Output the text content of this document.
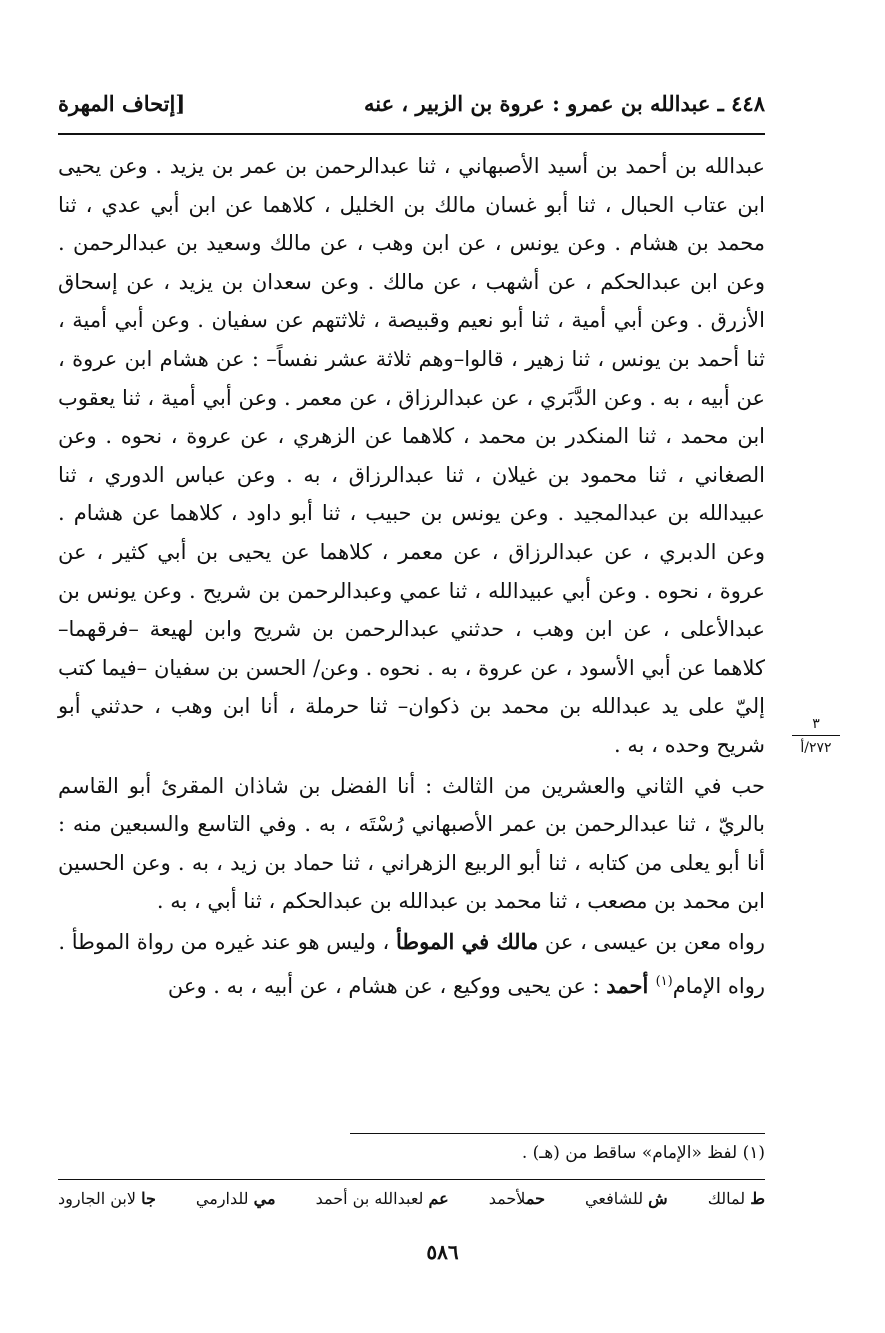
٤٤٨ ـ عبدالله بن عمرو : عروة بن الزبير ، عنه
[إتحاف المهرة

عبدالله بن أحمد بن أسيد الأصبهاني ، ثنا عبدالرحمن بن عمر بن يزيد . وعن يحيى ابن عتاب الحبال ، ثنا أبو غسان مالك بن الخليل ، كلاهما عن ابن أبي عدي ، ثنا محمد بن هشام . وعن يونس ، عن ابن وهب ، عن مالك وسعيد بن عبدالرحمن . وعن ابن عبدالحكم ، عن أشهب ، عن مالك . وعن سعدان بن يزيد ، عن إسحاق الأزرق . وعن أبي أمية ، ثنا أبو نعيم وقبيصة ، ثلاثتهم عن سفيان . وعن أبي أمية ، ثنا أحمد بن يونس ، ثنا زهير ، قالوا–وهم ثلاثة عشر نفساً– : عن هشام ابن عروة ، عن أبيه ، به . وعن الدَّبَري ، عن عبدالرزاق ، عن معمر . وعن أبي أمية ، ثنا يعقوب ابن محمد ، ثنا المنكدر بن محمد ، كلاهما عن الزهري ، عن عروة ، نحوه . وعن الصغاني ، ثنا محمود بن غيلان ، ثنا عبدالرزاق ، به . وعن عباس الدوري ، ثنا عبيدالله بن عبدالمجيد . وعن يونس بن حبيب ، ثنا أبو داود ، كلاهما عن هشام . وعن الدبري ، عن عبدالرزاق ، عن معمر ، كلاهما عن يحيى بن أبي كثير ، عن عروة ، نحوه . وعن أبي عبيدالله ، ثنا عمي وعبدالرحمن بن شريح . وعن يونس بن عبدالأعلى ، عن ابن وهب ، حدثني عبدالرحمن بن شريح وابن لهيعة –فرقهما– كلاهما عن أبي الأسود ، عن عروة ، به . نحوه . وعن/ الحسن بن سفيان –فيما كتب إليّ على يد عبدالله بن محمد بن ذكوان– ثنا حرملة ، أنا ابن وهب ، حدثني أبو شريح وحده ، به .

حب في الثاني والعشرين من الثالث : أنا الفضل بن شاذان المقرئ أبو القاسم بالريّ ، ثنا عبدالرحمن بن عمر الأصبهاني رُسْتَه ، به . وفي التاسع والسبعين منه : أنا أبو يعلى من كتابه ، ثنا أبو الربيع الزهراني ، ثنا حماد بن زيد ، به . وعن الحسين ابن محمد بن مصعب ، ثنا محمد بن عبدالله بن عبدالحكم ، ثنا أبي ، به .

رواه معن بن عيسى ، عن مالك في الموطأ ، وليس هو عند غيره من رواة الموطأ .

رواه الإمام$^{(١)}$ أحمد : عن يحيى ووكيع ، عن هشام ، عن أبيه ، به . وعن

٣
٢٧٢/أ
(١) لفظ «الإمام» ساقط من (هـ) .
ط لمالك
ش للشافعي
حملأحمد
عم لعبدالله بن أحمد
مي للدارمي
جا لابن الجارود
٥٨٦
